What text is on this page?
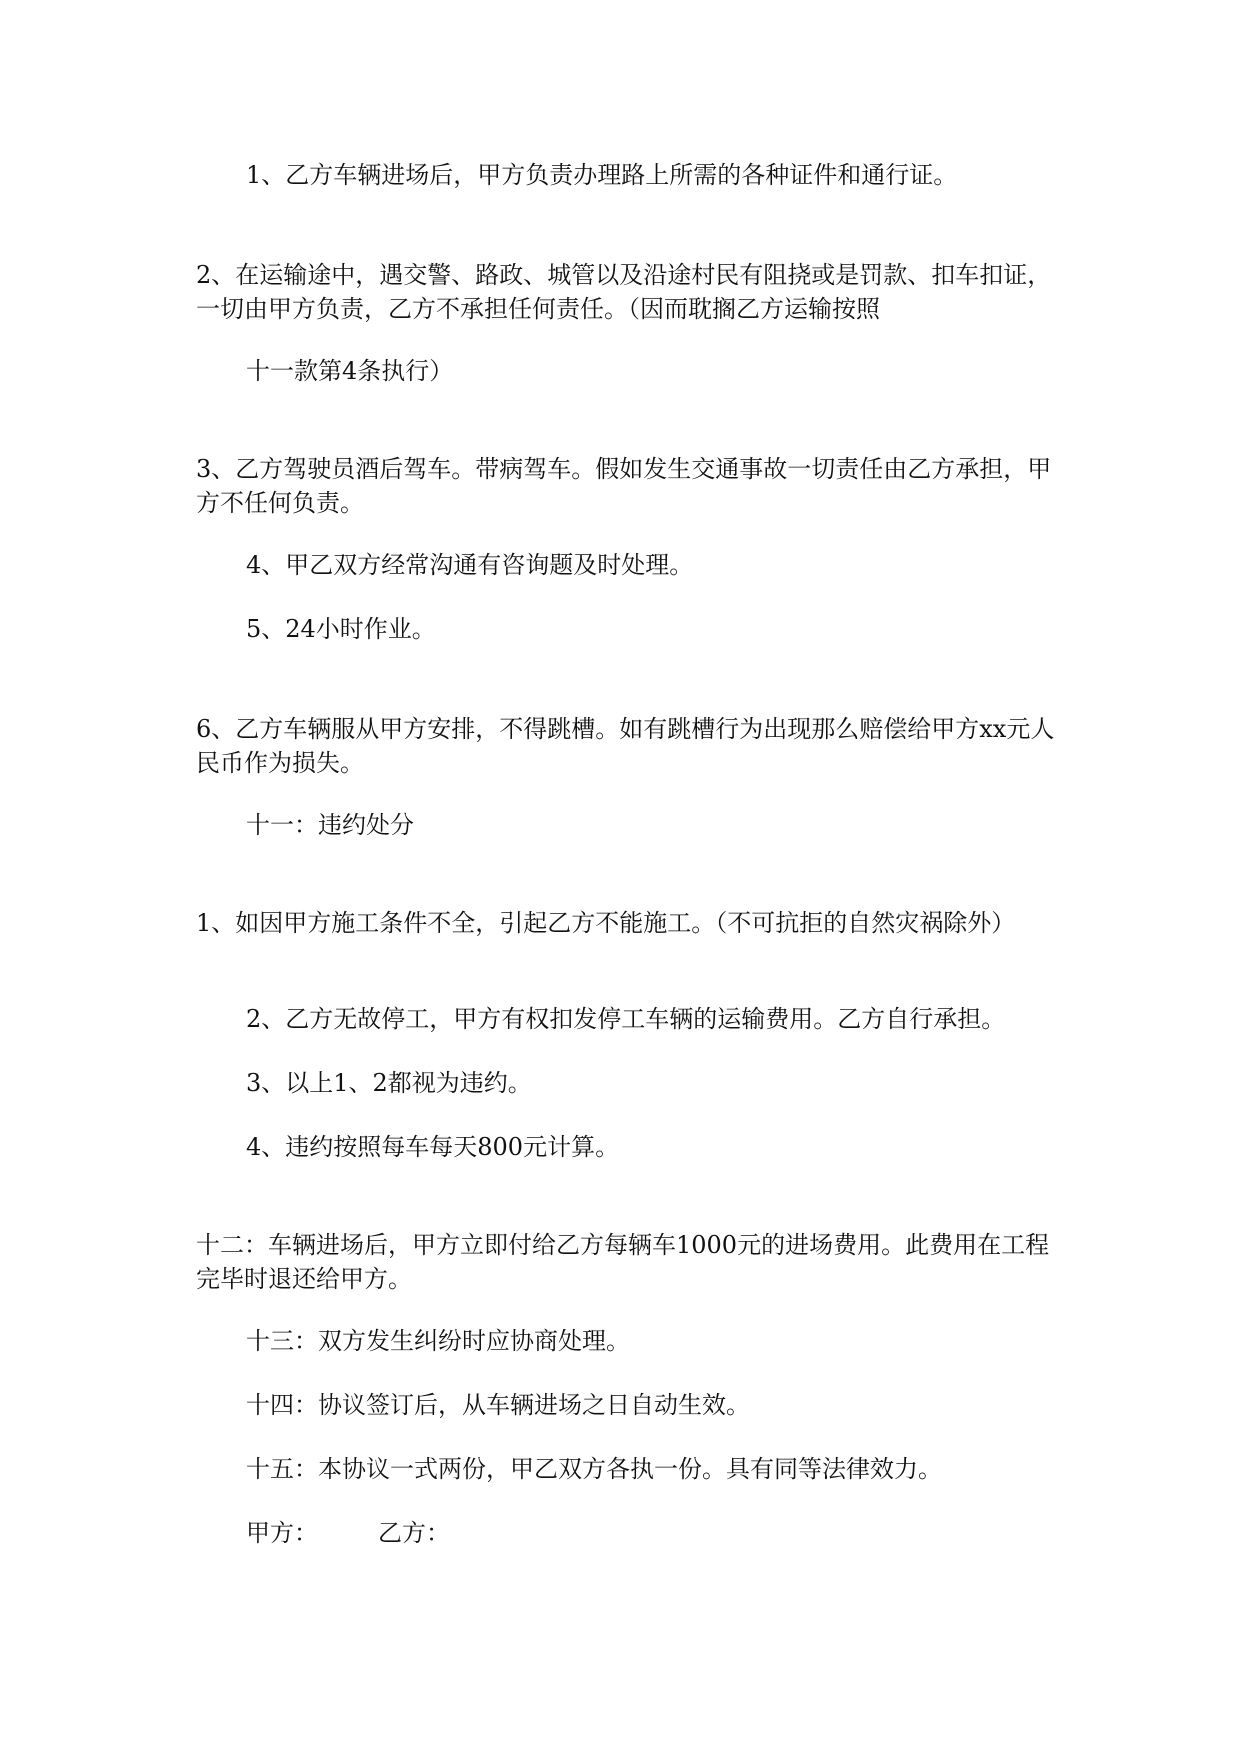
1、乙方车辆进场后，甲方负责办理路上所需的各种证件和通行证。

2、在运输途中，遇交警、路政、城管以及沿途村民有阻挠或是罚款、扣车扣证，一切由甲方负责，乙方不承担任何责任。（因而耽搁乙方运输按照

十一款第4条执行）

3、乙方驾驶员酒后驾车。带病驾车。假如发生交通事故一切责任由乙方承担，甲方不任何负责。

4、甲乙双方经常沟通有咨询题及时处理。

5、24小时作业。

6、乙方车辆服从甲方安排，不得跳槽。如有跳槽行为出现那么赔偿给甲方xx元人民币作为损失。

十一：违约处分

1、如因甲方施工条件不全，引起乙方不能施工。（不可抗拒的自然灾祸除外）

2、乙方无故停工，甲方有权扣发停工车辆的运输费用。乙方自行承担。

3、以上1、2都视为违约。

4、违约按照每车每天800元计算。

十二：车辆进场后，甲方立即付给乙方每辆车1000元的进场费用。此费用在工程完毕时退还给甲方。

十三：双方发生纠纷时应协商处理。

十四：协议签订后，从车辆进场之日自动生效。

十五：本协议一式两份，甲乙双方各执一份。具有同等法律效力。

甲方：	乙方：
